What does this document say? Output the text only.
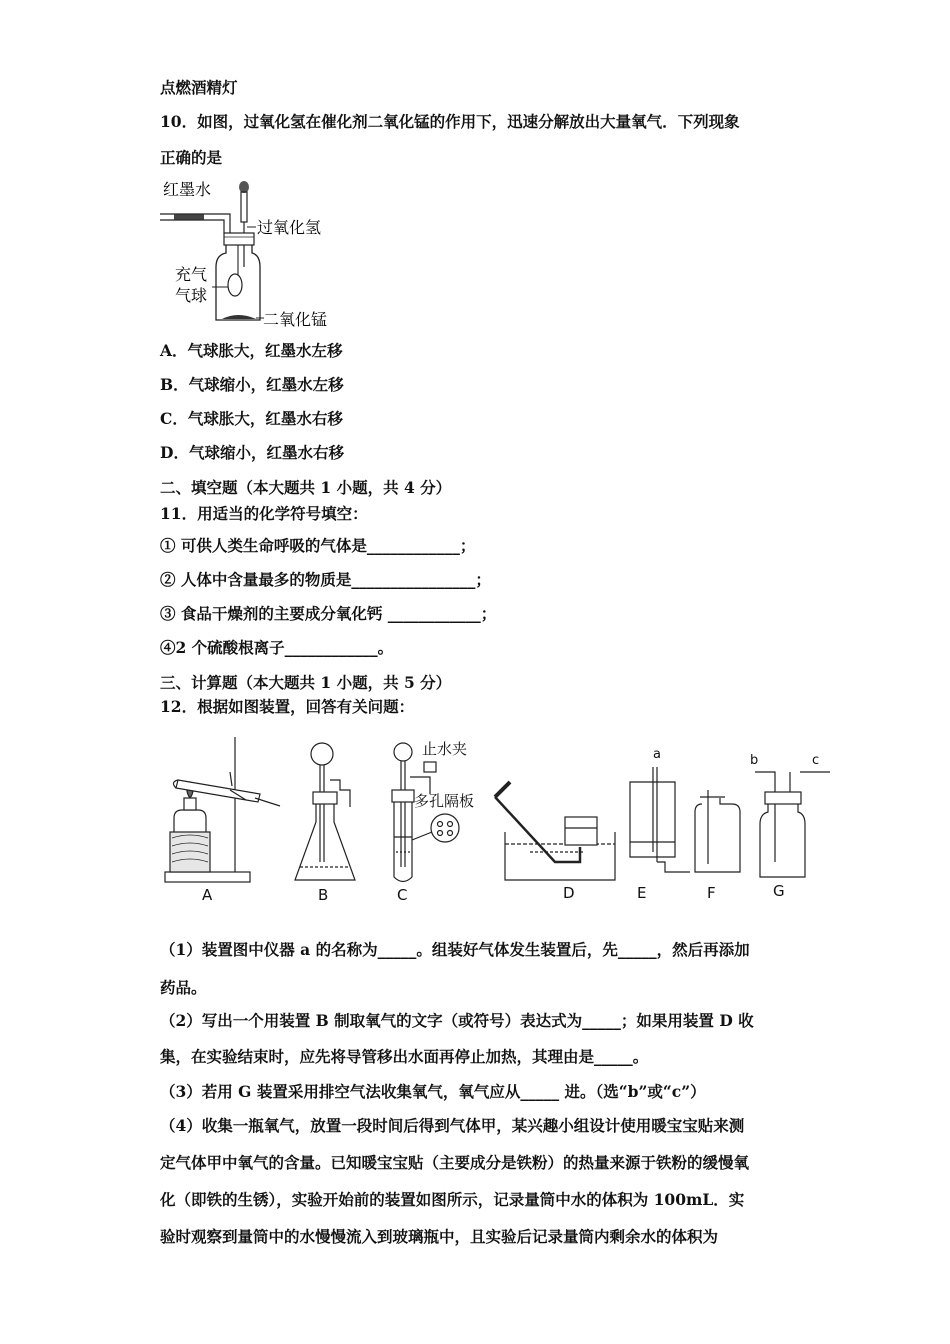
点燃酒精灯
10．如图，过氧化氢在催化剂二氧化锰的作用下，迅速分解放出大量氧气．下列现象
正确的是
红墨水
过氧化氢
充气
气球
二氧化锰
A．气球胀大，红墨水左移
B．气球缩小，红墨水左移
C．气球胀大，红墨水右移
D．气球缩小，红墨水右移
二、填空题（本大题共 1 小题，共 4 分）
11．用适当的化学符号填空：
① 可供人类生命呼吸的气体是____________；
② 人体中含量最多的物质是________________；
③ 食品干燥剂的主要成分氧化钙 ____________；
④2 个硫酸根离子____________。
三、计算题（本大题共 1 小题，共 5 分）
12．根据如图装置，回答有关问题：
A	B	C	D	E	F	G
a	b	c
止水夹
多孔隔板
（1）装置图中仪器 a 的名称为_____。组装好气体发生装置后，先_____，然后再添加
药品。
（2）写出一个用装置 B 制取氧气的文字（或符号）表达式为_____；如果用装置 D 收
集，在实验结束时，应先将导管移出水面再停止加热，其理由是_____。
（3）若用 G 装置采用排空气法收集氧气，氧气应从_____ 进。（选“b”或“c”）
（4）收集一瓶氧气，放置一段时间后得到气体甲，某兴趣小组设计使用暖宝宝贴来测
定气体甲中氧气的含量。已知暖宝宝贴（主要成分是铁粉）的热量来源于铁粉的缓慢氧
化（即铁的生锈），实验开始前的装置如图所示，记录量筒中水的体积为 100mL．实
验时观察到量筒中的水慢慢流入到玻璃瓶中，且实验后记录量筒内剩余水的体积为
